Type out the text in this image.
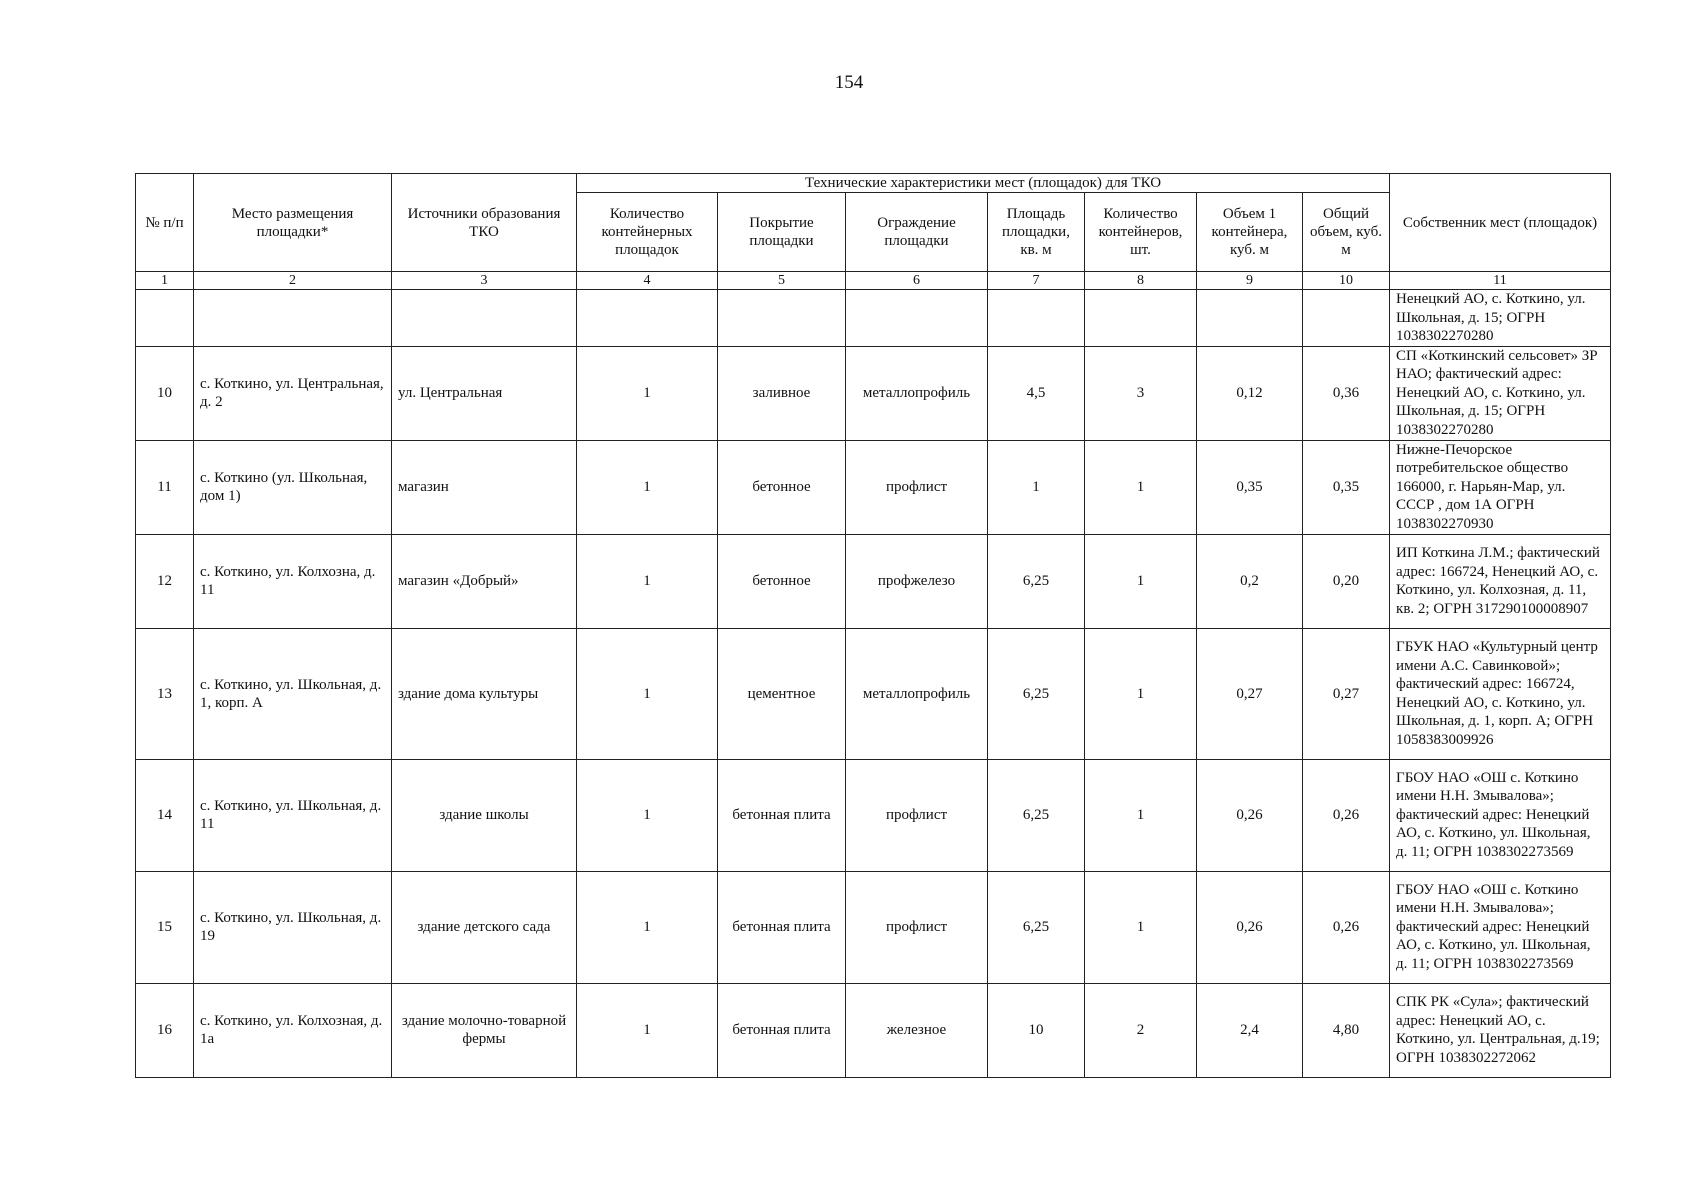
154
№ п/п	Место размещения площадки*	Источники образования ТКО	Технические характеристики мест (площадок) для ТКО							Собственник мест (площадок)
			Количество контейнерных площадок	Покрытие площадки	Ограждение площадки	Площадь площадки, кв. м	Количество контейнеров, шт.	Объем 1 контейнера, куб. м	Общий объем, куб. м	
1	2	3	4	5	6	7	8	9	10	11
										Ненецкий АО, с. Коткино, ул. Школьная, д. 15; ОГРН 1038302270280
10	с. Коткино, ул. Центральная, д. 2	ул. Центральная	1	заливное	металлопрофиль	4,5	3	0,12	0,36	СП «Коткинский сельсовет» ЗР НАО; фактический адрес: Ненецкий АО, с. Коткино, ул. Школьная, д. 15; ОГРН 1038302270280
11	с. Коткино (ул. Школьная, дом 1)	магазин	1	бетонное	профлист	1	1	0,35	0,35	Нижне-Печорское потребительское общество 166000, г. Нарьян-Мар, ул. СССР , дом 1А ОГРН 1038302270930
12	с. Коткино, ул. Колхозна, д. 11	магазин «Добрый»	1	бетонное	профжелезо	6,25	1	0,2	0,20	ИП Коткина Л.М.; фактический адрес: 166724, Ненецкий АО, с. Коткино, ул. Колхозная, д. 11, кв. 2; ОГРН 317290100008907
13	с. Коткино, ул. Школьная, д. 1, корп. А	здание дома культуры	1	цементное	металлопрофиль	6,25	1	0,27	0,27	ГБУК НАО «Культурный центр имени А.С. Савинковой»; фактический адрес: 166724, Ненецкий АО, с. Коткино, ул. Школьная, д. 1, корп. А; ОГРН 1058383009926
14	с. Коткино, ул. Школьная, д. 11	здание школы	1	бетонная плита	профлист	6,25	1	0,26	0,26	ГБОУ НАО «ОШ с. Коткино имени Н.Н. Змывалова»; фактический адрес: Ненецкий АО, с. Коткино, ул. Школьная, д. 11; ОГРН 1038302273569
15	с. Коткино, ул. Школьная, д. 19	здание детского сада	1	бетонная плита	профлист	6,25	1	0,26	0,26	ГБОУ НАО «ОШ с. Коткино имени Н.Н. Змывалова»; фактический адрес: Ненецкий АО, с. Коткино, ул. Школьная, д. 11; ОГРН 1038302273569
16	с. Коткино, ул. Колхозная, д. 1а	здание молочно-товарной фермы	1	бетонная плита	железное	10	2	2,4	4,80	СПК РК «Сула»; фактический адрес: Ненецкий АО, с. Коткино, ул. Центральная, д.19; ОГРН 1038302272062
